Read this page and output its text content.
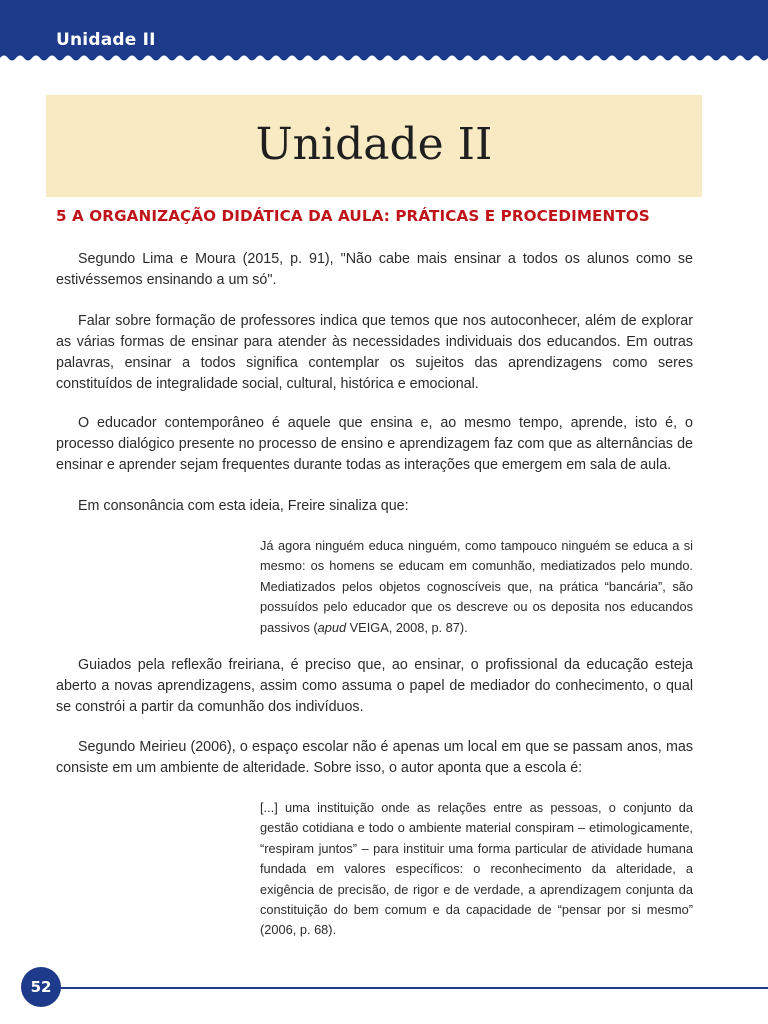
Unidade II
Unidade II
5 A ORGANIZAÇÃO DIDÁTICA DA AULA: PRÁTICAS E PROCEDIMENTOS

Segundo Lima e Moura (2015, p. 91), "Não cabe mais ensinar a todos os alunos como se estivéssemos ensinando a um só".

Falar sobre formação de professores indica que temos que nos autoconhecer, além de explorar as várias formas de ensinar para atender às necessidades individuais dos educandos. Em outras palavras, ensinar a todos significa contemplar os sujeitos das aprendizagens como seres constituídos de integralidade social, cultural, histórica e emocional.

O educador contemporâneo é aquele que ensina e, ao mesmo tempo, aprende, isto é, o processo dialógico presente no processo de ensino e aprendizagem faz com que as alternâncias de ensinar e aprender sejam frequentes durante todas as interações que emergem em sala de aula.

Em consonância com esta ideia, Freire sinaliza que:

Já agora ninguém educa ninguém, como tampouco ninguém se educa a si mesmo: os homens se educam em comunhão, mediatizados pelo mundo. Mediatizados pelos objetos cognoscíveis que, na prática “bancária”, são possuídos pelo educador que os descreve ou os deposita nos educandos passivos (apud VEIGA, 2008, p. 87).

Guiados pela reflexão freiriana, é preciso que, ao ensinar, o profissional da educação esteja aberto a novas aprendizagens, assim como assuma o papel de mediador do conhecimento, o qual se constrói a partir da comunhão dos indivíduos.

Segundo Meirieu (2006), o espaço escolar não é apenas um local em que se passam anos, mas consiste em um ambiente de alteridade. Sobre isso, o autor aponta que a escola é:

[...] uma instituição onde as relações entre as pessoas, o conjunto da gestão cotidiana e todo o ambiente material conspiram – etimologicamente, “respiram juntos” – para instituir uma forma particular de atividade humana fundada em valores específicos: o reconhecimento da alteridade, a exigência de precisão, de rigor e de verdade, a aprendizagem conjunta da constituição do bem comum e da capacidade de “pensar por si mesmo” (2006, p. 68).

52
